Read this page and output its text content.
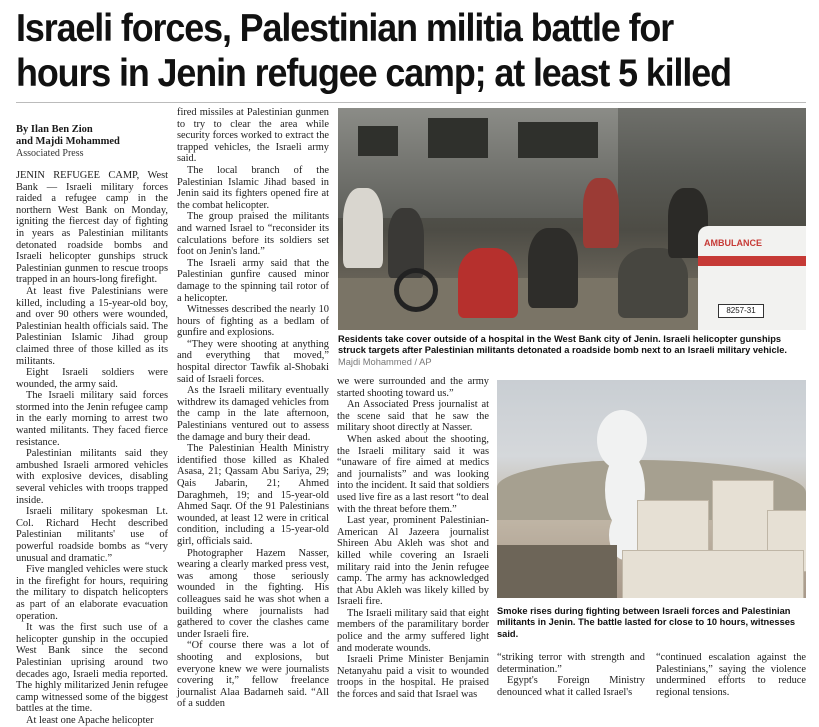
Israeli forces, Palestinian militia battle for hours in Jenin refugee camp; at least 5 killed
By Ilan Ben Zion
and Majdi Mohammed
Associated Press

JENIN REFUGEE CAMP, West Bank — Israeli military forces raided a refugee camp in the northern West Bank on Monday, igniting the fiercest day of fighting in years as Palestinian militants detonated roadside bombs and Israeli helicopter gunships struck Palestinian gunmen to rescue troops trapped in an hours-long firefight.

At least five Palestinians were killed, including a 15-year-old boy, and over 90 others were wounded, Palestinian health officials said. The Palestinian Islamic Jihad group claimed three of those killed as its militants.

Eight Israeli soldiers were wounded, the army said.

The Israeli military said forces stormed into the Jenin refugee camp in the early morning to arrest two wanted militants. They faced fierce resistance.

Palestinian militants said they ambushed Israeli armored vehicles with explosive devices, disabling several vehicles with troops trapped inside.

Israeli military spokesman Lt. Col. Richard Hecht described Palestinian militants' use of powerful roadside bombs as “very unusual and dramatic.”

Five mangled vehicles were stuck in the firefight for hours, requiring the military to dispatch helicopters as part of an elaborate evacuation operation.

It was the first such use of a helicopter gunship in the occupied West Bank since the second Palestinian uprising around two decades ago, Israeli media reported. The highly militarized Jenin refugee camp witnessed some of the biggest battles at the time.

At least one Apache helicopter

fired missiles at Palestinian gunmen to try to clear the area while security forces worked to extract the trapped vehicles, the Israeli army said.

The local branch of the Palestinian Islamic Jihad based in Jenin said its fighters opened fire at the combat helicopter.

The group praised the militants and warned Israel to “reconsider its calculations before its soldiers set foot on Jenin's land.”

The Israeli army said that the Palestinian gunfire caused minor damage to the spinning tail rotor of a helicopter.

Witnesses described the nearly 10 hours of fighting as a bedlam of gunfire and explosions.

“They were shooting at anything and everything that moved,” hospital director Tawfik al-Shobaki said of Israeli forces.

As the Israeli military eventually withdrew its damaged vehicles from the camp in the late afternoon, Palestinians ventured out to assess the damage and bury their dead.

The Palestinian Health Ministry identified those killed as Khaled Asasa, 21; Qassam Abu Sariya, 29; Qais Jabarin, 21; Ahmed Daraghmeh, 19; and 15-year-old Ahmed Saqr. Of the 91 Palestinians wounded, at least 12 were in critical condition, including a 15-year-old girl, officials said.

Photographer Hazem Nasser, wearing a clearly marked press vest, was among those seriously wounded in the fighting. His colleagues said he was shot when a building where journalists had gathered to cover the clashes came under Israeli fire.

“Of course there was a lot of shooting and explosions, but everyone knew we were journalists covering it,” fellow freelance journalist Alaa Badarneh said. “All of a sudden

AMBULANCE
8257-31
Residents take cover outside of a hospital in the West Bank city of Jenin. Israeli helicopter gunships struck targets after Palestinian militants detonated a roadside bomb next to an Israeli military vehicle. Majdi Mohammed / AP

we were surrounded and the army started shooting toward us.”

An Associated Press journalist at the scene said that he saw the military shoot directly at Nasser.

When asked about the shooting, the Israeli military said it was “unaware of fire aimed at medics and journalists” and was looking into the incident. It said that soldiers used live fire as a last resort “to deal with the threat before them.”

Last year, prominent Palestinian-American Al Jazeera journalist Shireen Abu Akleh was shot and killed while covering an Israeli military raid into the Jenin refugee camp. The army has acknowledged that Abu Akleh was likely killed by Israeli fire.

The Israeli military said that eight members of the paramilitary border police and the army suffered light and moderate wounds.

Israeli Prime Minister Benjamin Netanyahu paid a visit to wounded troops in the hospital. He praised the forces and said that Israel was

Smoke rises during fighting between Israeli forces and Palestinian militants in Jenin. The battle lasted for close to 10 hours, witnesses said.

“striking terror with strength and determination.”

Egypt's Foreign Ministry denounced what it called Israel's

“continued escalation against the Palestinians,” saying the violence undermined efforts to reduce regional tensions.
